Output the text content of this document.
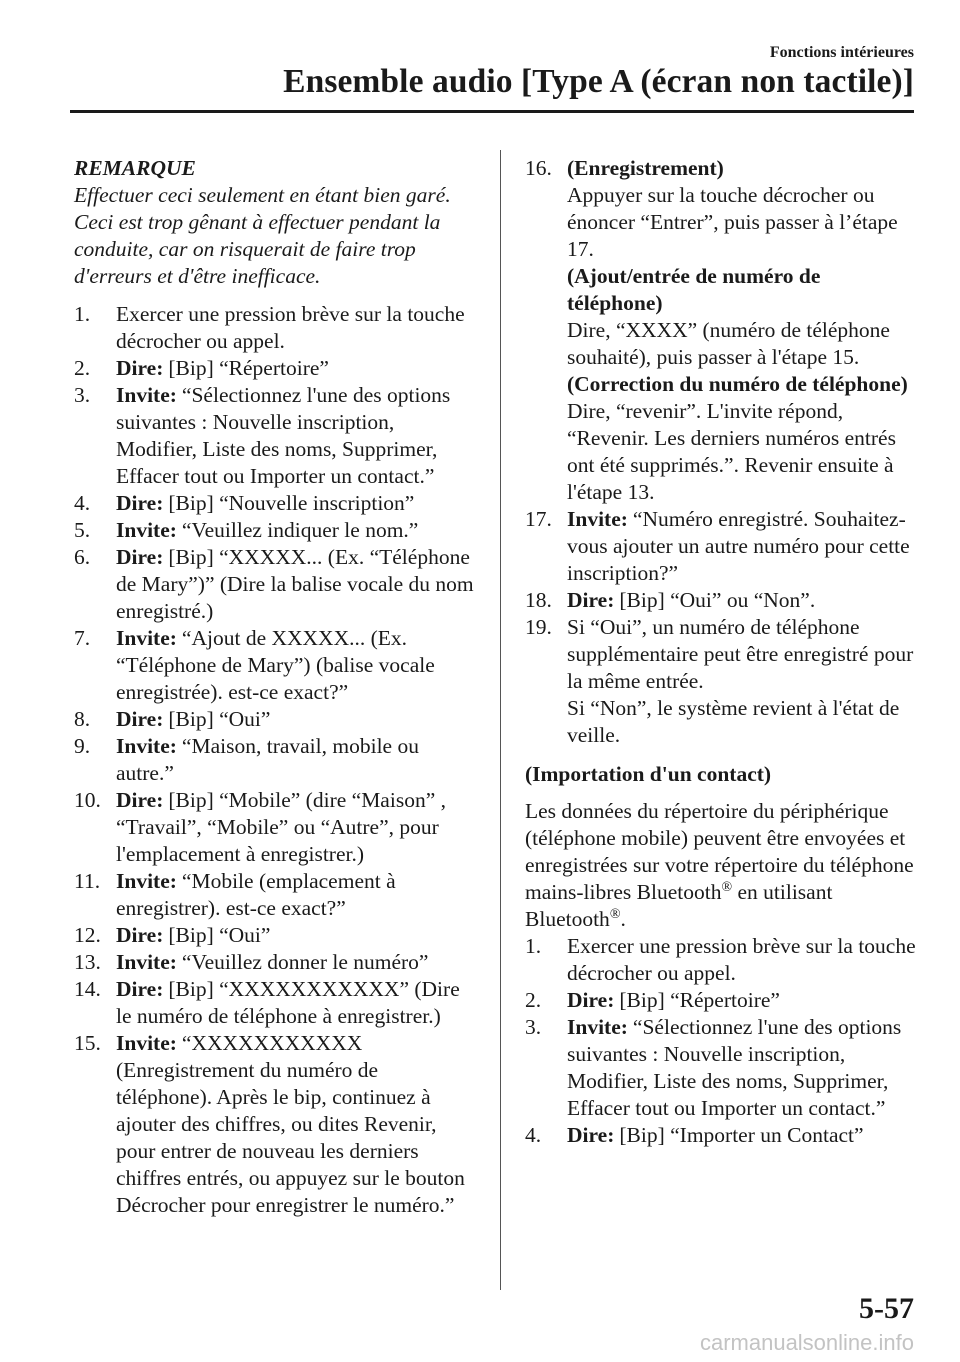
Fonctions intérieures
Ensemble audio [Type A (écran non tactile)]
REMARQUE
Effectuer ceci seulement en étant bien garé. Ceci est trop gênant à effectuer pendant la conduite, car on risquerait de faire trop d'erreurs et d'être inefficace.
1.	Exercer une pression brève sur la touche décrocher ou appel.
2.	Dire: [Bip] “Répertoire”
3.	Invite: “Sélectionnez l'une des options suivantes : Nouvelle inscription, Modifier, Liste des noms, Supprimer, Effacer tout ou Importer un contact.”
4.	Dire: [Bip] “Nouvelle inscription”
5.	Invite: “Veuillez indiquer le nom.”
6.	Dire: [Bip] “XXXXX... (Ex. “Téléphone de Mary”)” (Dire la balise vocale du nom enregistré.)
7.	Invite: “Ajout de XXXXX... (Ex. “Téléphone de Mary”) (balise vocale enregistrée). est-ce exact?”
8.	Dire: [Bip] “Oui”
9.	Invite: “Maison, travail, mobile ou autre.”
10. Dire: [Bip] “Mobile” (dire “Maison” , “Travail”, “Mobile” ou “Autre”, pour l'emplacement à enregistrer.)
11. Invite: “Mobile (emplacement à enregistrer). est-ce exact?”
12. Dire: [Bip] “Oui”
13. Invite: “Veuillez donner le numéro”
14. Dire: [Bip] “XXXXXXXXXXX” (Dire le numéro de téléphone à enregistrer.)
15. Invite: “XXXXXXXXXXX (Enregistrement du numéro de téléphone). Après le bip, continuez à ajouter des chiffres, ou dites Revenir, pour entrer de nouveau les derniers chiffres entrés, ou appuyez sur le bouton Décrocher pour enregistrer le numéro.”
16. (Enregistrement)
Appuyer sur la touche décrocher ou énoncer “Entrer”, puis passer à l’étape 17.
(Ajout/entrée de numéro de téléphone)
Dire, “XXXX” (numéro de téléphone souhaité), puis passer à l'étape 15.
(Correction du numéro de téléphone)
Dire, “revenir”. L'invite répond, “Revenir. Les derniers numéros entrés ont été supprimés.”. Revenir ensuite à l'étape 13.
17. Invite: “Numéro enregistré. Souhaitez-vous ajouter un autre numéro pour cette inscription?”
18. Dire: [Bip] “Oui” ou “Non”.
19. Si “Oui”, un numéro de téléphone supplémentaire peut être enregistré pour la même entrée.
Si “Non”, le système revient à l'état de veille.
(Importation d'un contact)
Les données du répertoire du périphérique (téléphone mobile) peuvent être envoyées et enregistrées sur votre répertoire du téléphone mains-libres Bluetooth® en utilisant Bluetooth®.
1.	Exercer une pression brève sur la touche décrocher ou appel.
2.	Dire: [Bip] “Répertoire”
3.	Invite: “Sélectionnez l'une des options suivantes : Nouvelle inscription, Modifier, Liste des noms, Supprimer, Effacer tout ou Importer un contact.”
4.	Dire: [Bip] “Importer un Contact”
5-57
carmanualsonline.info
